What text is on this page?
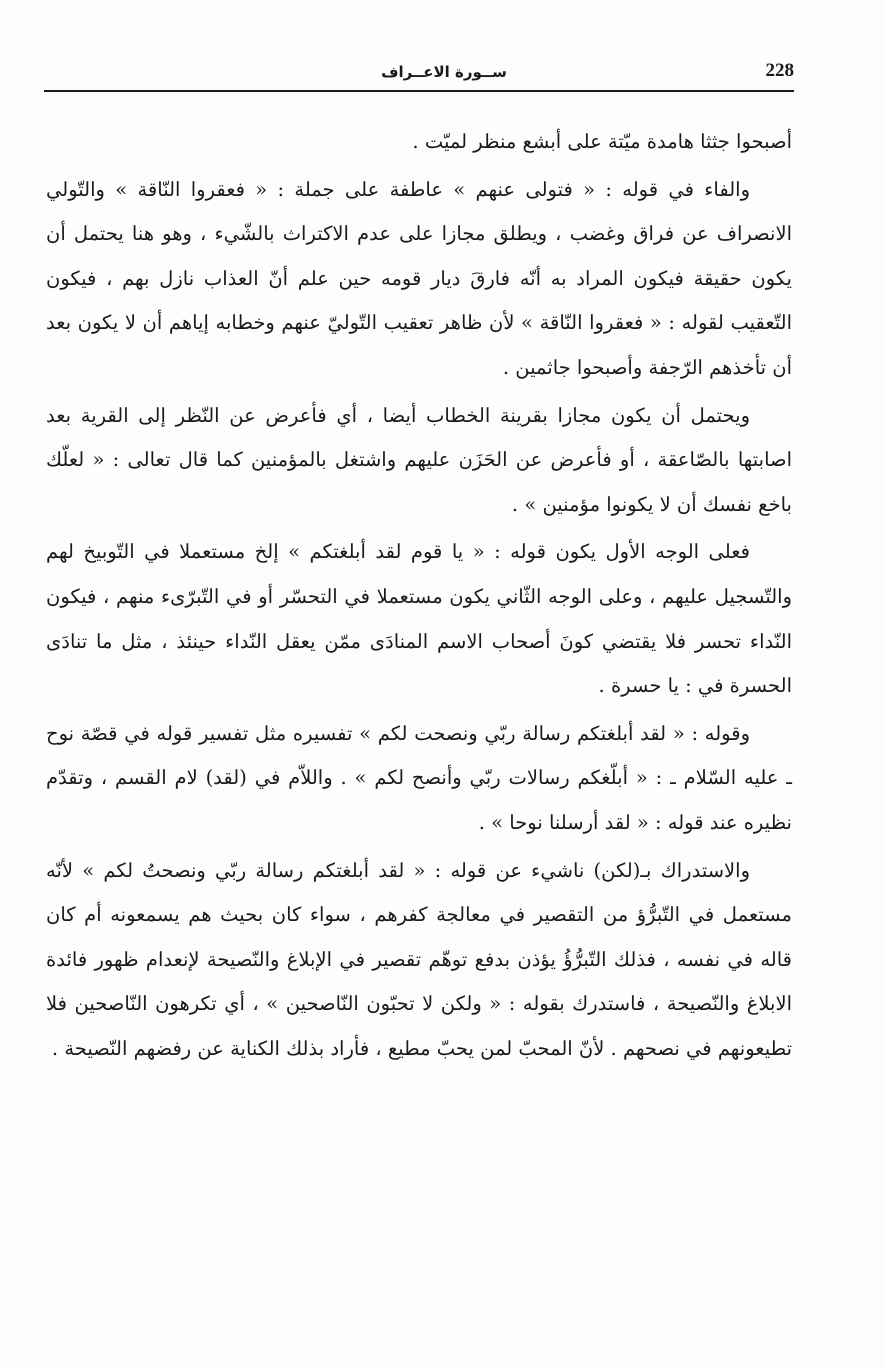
228
ســورة الاعــراف

أصبحوا جثثا هامدة ميّتة على أبشع منظر لميّت .

والفاء في قوله : « فتولى عنهم » عاطفة على جملة : « فعقروا النّاقة » والتّولي الانصراف عن فراق وغضب ، ويطلق مجازا على عدم الاكتراث بالشّيء ، وهو هنا يحتمل أن يكون حقيقة فيكون المراد به أنّه فارقَ ديار قومه حين علم أنّ العذاب نازل بهم ، فيكون التّعقيب لقوله : « فعقروا النّاقة » لأن ظاهر تعقيب التّوليّ عنهم وخطابه إياهم أن لا يكون بعد أن تأخذهم الرّجفة وأصبحوا جاثمين .

ويحتمل أن يكون مجازا بقرينة الخطاب أيضا ، أي فأعرض عن النّظر إلى القرية بعد اصابتها بالصّاعقة ، أو فأعرض عن الحَزَن عليهم واشتغل بالمؤمنين كما قال تعالى : « لعلّك باخع نفسك أن لا يكونوا مؤمنين » .

فعلى الوجه الأول يكون قوله : « يا قوم لقد أبلغتكم » إلخ مستعملا في التّوبيخ لهم والتّسجيل عليهم ، وعلى الوجه الثّاني يكون مستعملا في التحسّر أو في التّبرّىء منهم ، فيكون النّداء تحسر فلا يقتضي كونَ أصحاب الاسم المنادَى ممّن يعقل النّداء حينئذ ، مثل ما تنادَى الحسرة في : يا حسرة .

وقوله : « لقد أبلغتكم رسالة ربّي ونصحت لكم » تفسيره مثل تفسير قوله في قصّة نوح ـ عليه السّلام ـ : « أبلّغكم رسالات ربّي وأنصح لكم » . واللاّم في (لقد) لام القسم ، وتقدّم نظيره عند قوله : « لقد أرسلنا نوحا » .

والاستدراك بـ(لكن) ناشيء عن قوله : « لقد أبلغتكم رسالة ربّي ونصحتُ لكم » لأنّه مستعمل في التّبرُّؤ من التقصير في معالجة كفرهم ، سواء كان بحيث هم يسمعونه أم كان قاله في نفسه ، فذلك التّبرُّؤُ يؤذن بدفع توهّم تقصير في الإبلاغ والنّصيحة لإنعدام ظهور فائدة الابلاغ والنّصيحة ، فاستدرك بقوله : « ولكن لا تحبّون النّاصحين » ، أي تكرهون النّاصحين فلا تطيعونهم في نصحهم . لأنّ المحبّ لمن يحبّ مطيع ، فأراد بذلك الكناية عن رفضهم النّصيحة .
